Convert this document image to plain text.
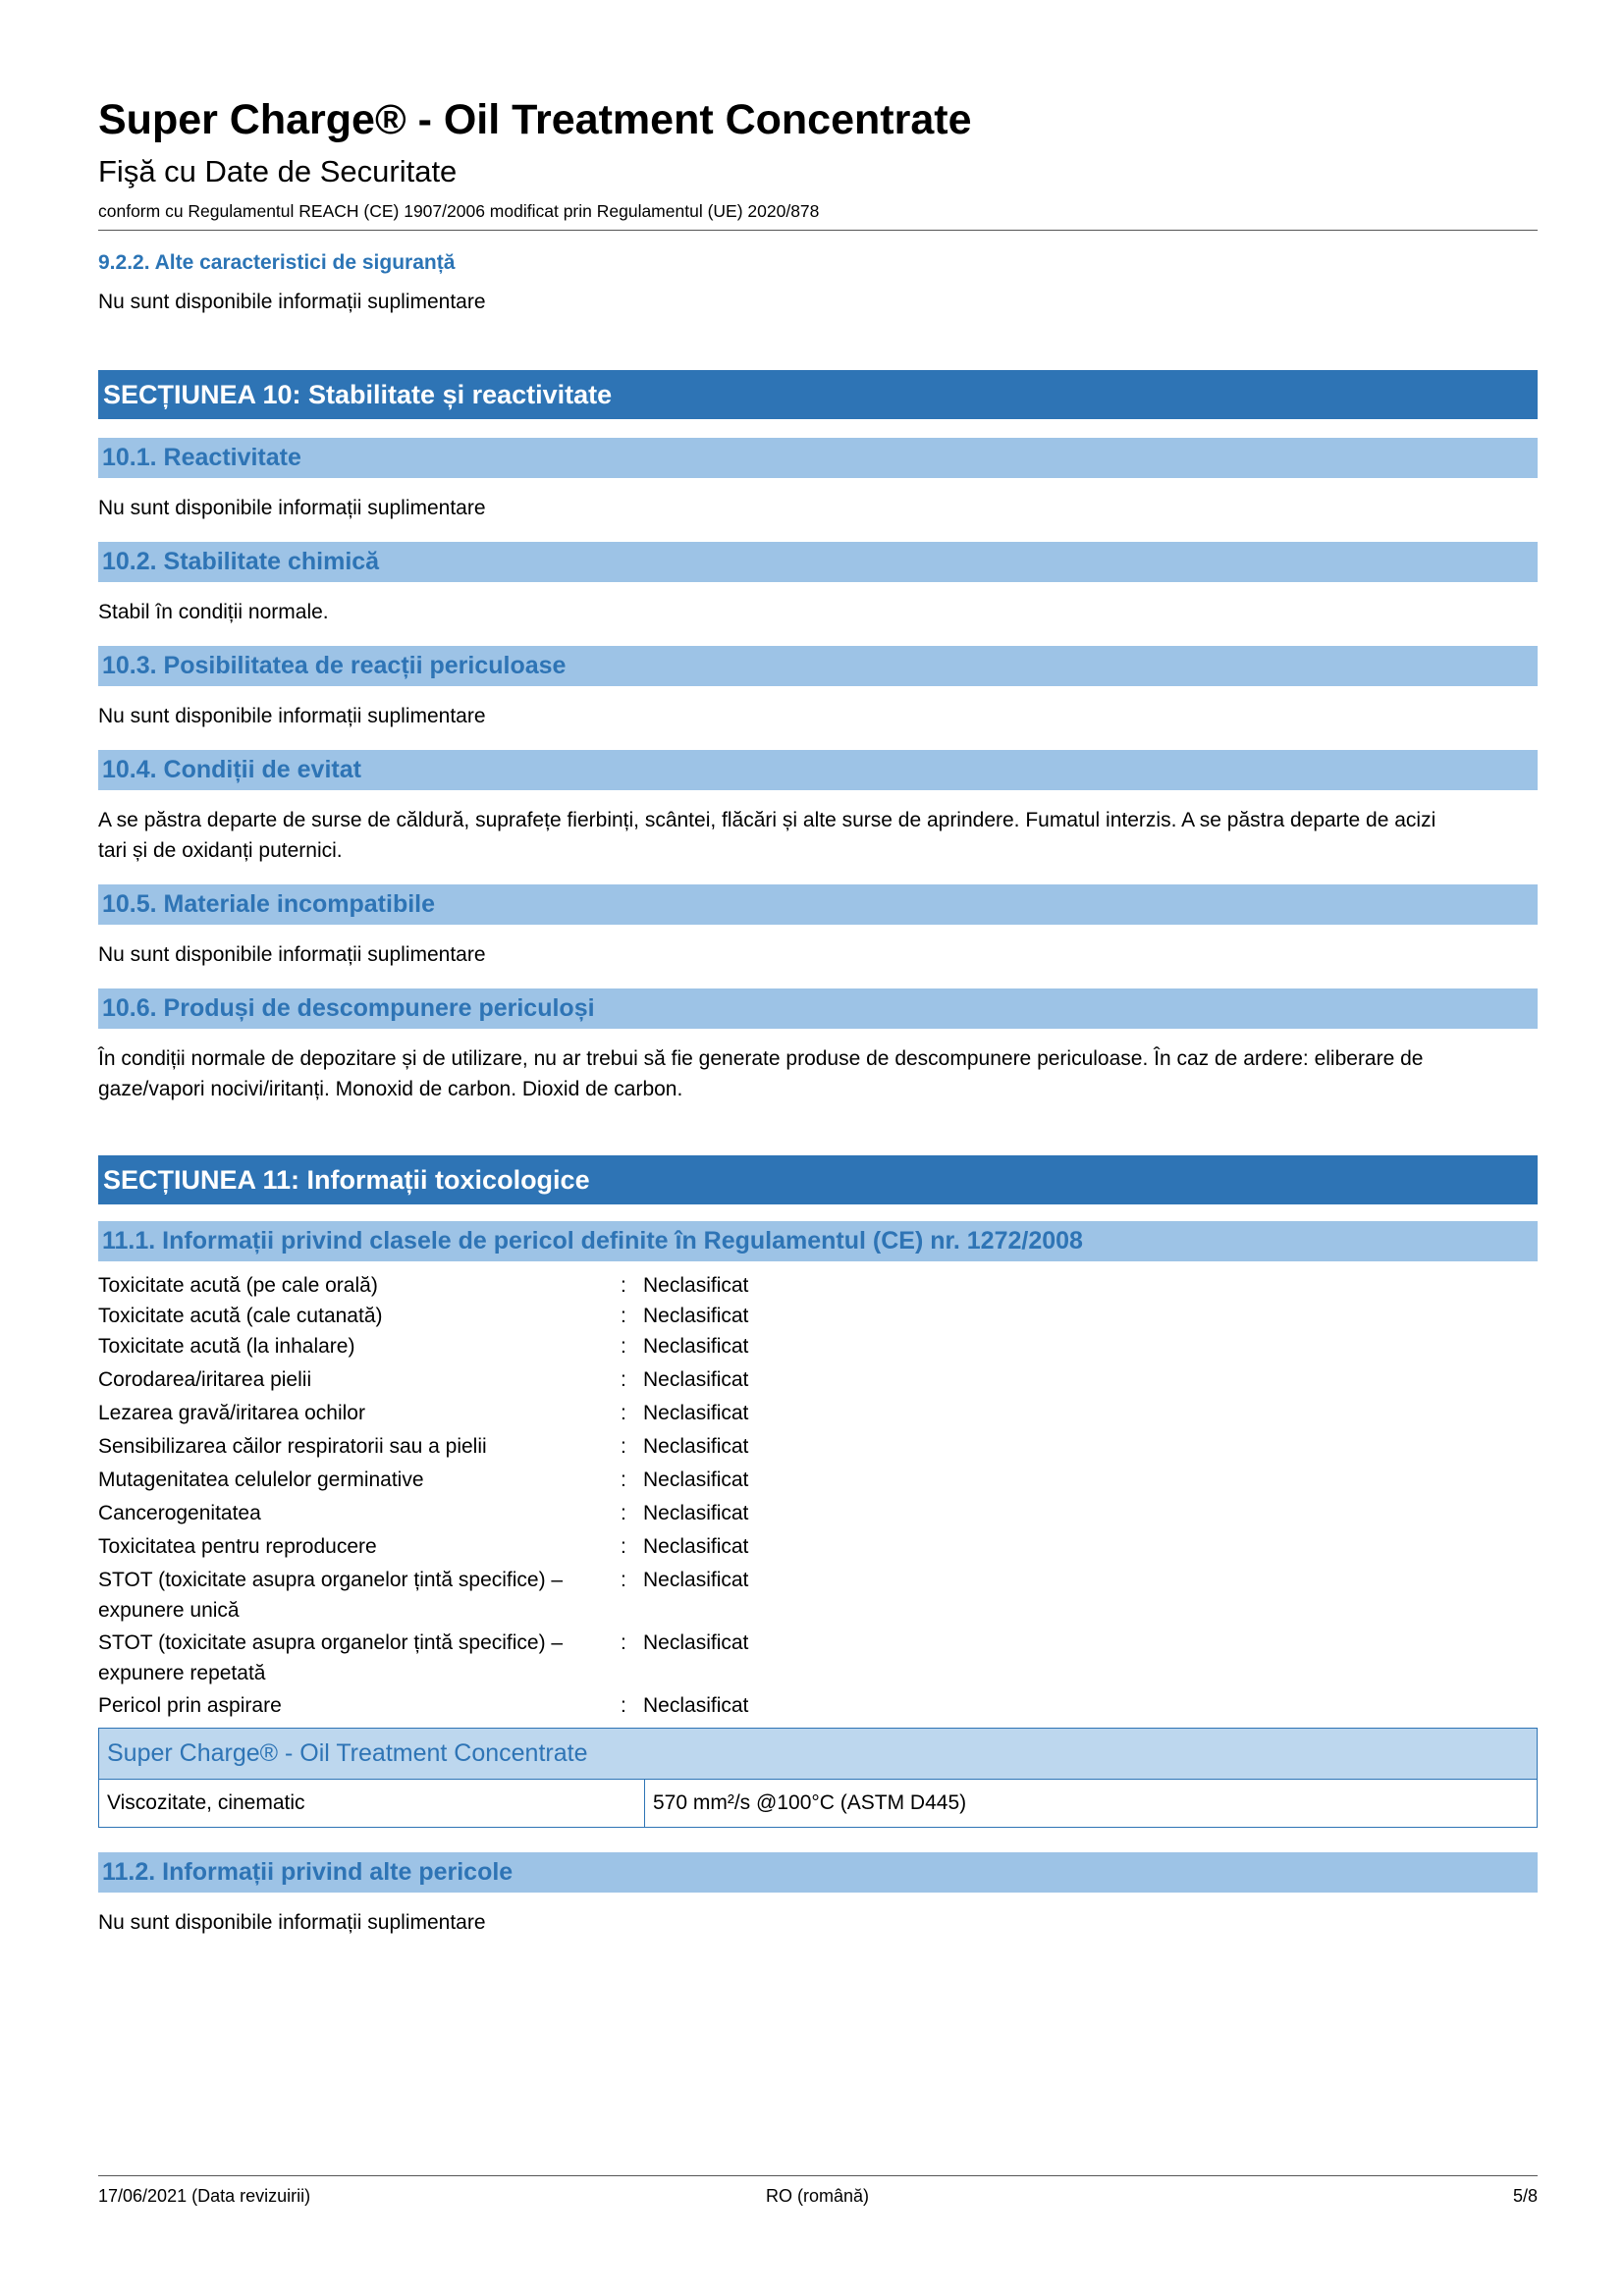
Super Charge® - Oil Treatment Concentrate
Fişă cu Date de Securitate
conform cu Regulamentul REACH (CE) 1907/2006 modificat prin Regulamentul (UE) 2020/878
9.2.2. Alte caracteristici de siguranță
Nu sunt disponibile informații suplimentare
SECȚIUNEA 10: Stabilitate și reactivitate
10.1. Reactivitate
Nu sunt disponibile informații suplimentare
10.2. Stabilitate chimică
Stabil în condiții normale.
10.3. Posibilitatea de reacții periculoase
Nu sunt disponibile informații suplimentare
10.4. Condiții de evitat
A se păstra departe de surse de căldură, suprafețe fierbinți, scântei, flăcări și alte surse de aprindere. Fumatul interzis. A se păstra departe de acizi
tari și de oxidanți puternici.
10.5. Materiale incompatibile
Nu sunt disponibile informații suplimentare
10.6. Produși de descompunere periculoși
În condiții normale de depozitare și de utilizare, nu ar trebui să fie generate produse de descompunere periculoase. În caz de ardere: eliberare de
gaze/vapori nocivi/iritanți. Monoxid de carbon. Dioxid de carbon.
SECȚIUNEA 11: Informații toxicologice
11.1. Informații privind clasele de pericol definite în Regulamentul (CE) nr. 1272/2008
Toxicitate acută (pe cale orală)	: Neclasificat
Toxicitate acută (cale cutanată)	: Neclasificat
Toxicitate acută (la inhalare)	: Neclasificat
Corodarea/iritarea pielii	: Neclasificat
Lezarea gravă/iritarea ochilor	: Neclasificat
Sensibilizarea căilor respiratorii sau a pielii	: Neclasificat
Mutagenitatea celulelor germinative	: Neclasificat
Cancerogenitatea	: Neclasificat
Toxicitatea pentru reproducere	: Neclasificat
STOT (toxicitate asupra organelor țintă specifice) –
expunere unică
: Neclasificat
STOT (toxicitate asupra organelor țintă specifice) –
expunere repetată
: Neclasificat
Pericol prin aspirare	: Neclasificat
Super Charge® - Oil Treatment Concentrate
Viscozitate, cinematic	570 mm²/s @100°C (ASTM D445)
11.2. Informații privind alte pericole
Nu sunt disponibile informații suplimentare
17/06/2021 (Data revizuirii)	RO (română)	5/8
